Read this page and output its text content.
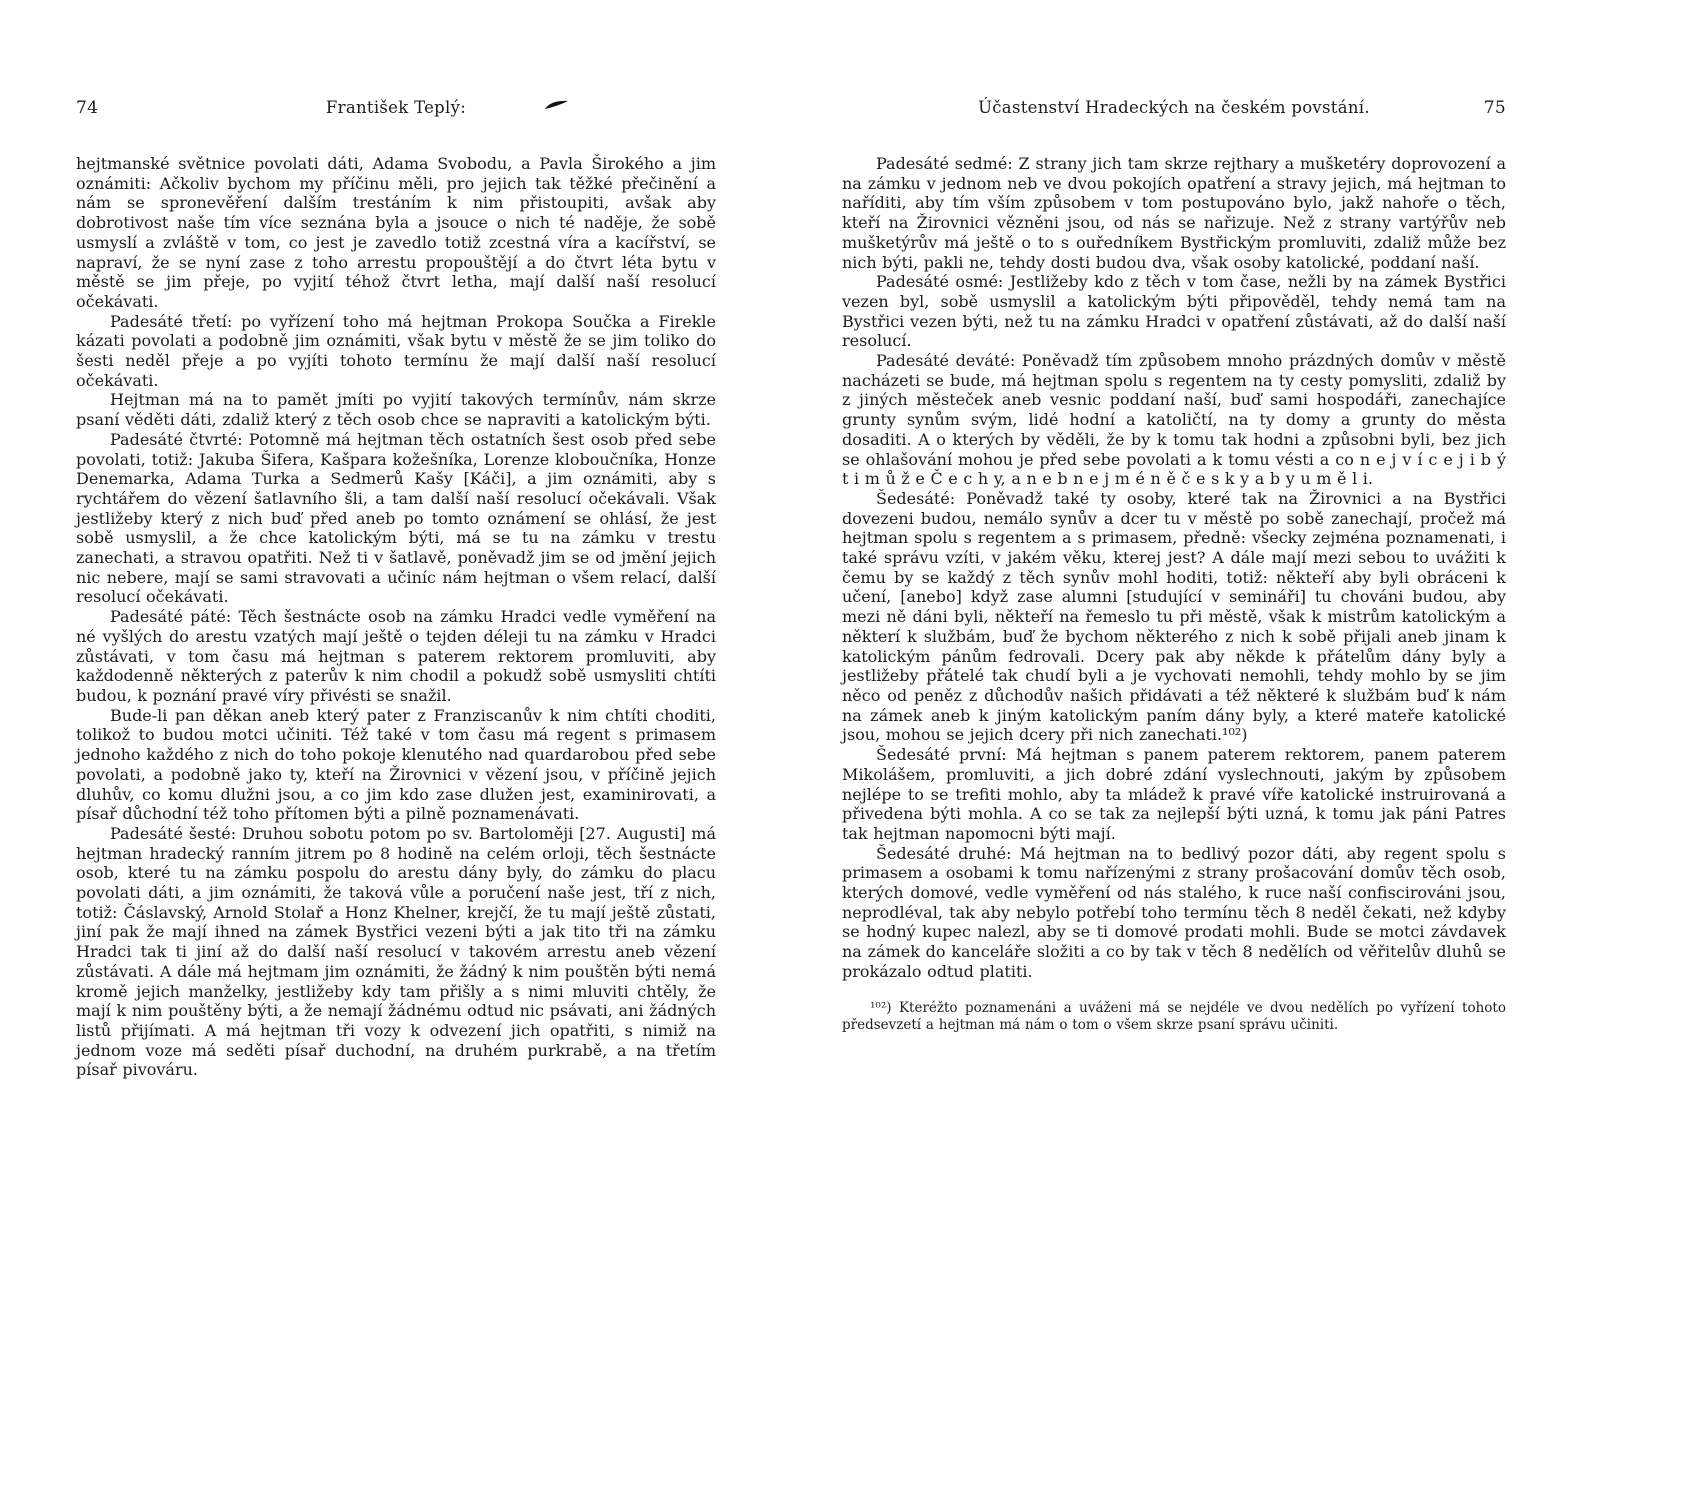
74	František Teplý:

hejtmanské světnice povolati dáti, Adama Svobodu, a Pavla Širokého a jim oznámiti: Ačkoliv bychom my příčinu měli, pro jejich tak těžké přečinění a nám se spronevěření dalším trestáním k nim přistoupiti, avšak aby dobrotivost naše tím více seznána byla a jsouce o nich té naděje, že sobě usmyslí a zvláště v tom, co jest je zavedlo totiž zcestná víra a kacířství, se napraví, že se nyní zase z toho arrestu propouštějí a do čtvrt léta bytu v městě se jim přeje, po vyjití téhož čtvrt letha, mají další naší resolucí očekávati.

Padesáté třetí: po vyřízení toho má hejtman Prokopa Součka a Firekle kázati povolati a podobně jim oznámiti, však bytu v městě že se jim toliko do šesti neděl přeje a po vyjíti tohoto termínu že mají další naší resolucí očekávati.

Hejtman má na to pamět jmíti po vyjití takových termínův, nám skrze psaní věděti dáti, zdaliž který z těch osob chce se napraviti a katolickým býti.

Padesáté čtvrté: Potomně má hejtman těch ostatních šest osob před sebe povolati, totiž: Jakuba Šifera, Kašpara kožešníka, Lorenze kloboučníka, Honze Denemarka, Adama Turka a Sedmerů Kašy [Káči], a jim oznámiti, aby s rychtářem do vězení šatlavního šli, a tam další naší resolucí očekávali. Však jestližeby který z nich buď před aneb po tomto oznámení se ohlásí, že jest sobě usmyslil, a že chce katolickým býti, má se tu na zámku v trestu zanechati, a stravou opatřiti. Než ti v šatlavě, poněvadž jim se od jmění jejich nic nebere, mají se sami stravovati a učiníc nám hejtman o všem relací, další resolucí očekávati.

Padesáté páté: Těch šestnácte osob na zámku Hradci vedle vyměření na né vyšlých do arestu vzatých mají ještě o tejden déleji tu na zámku v Hradci zůstávati, v tom času má hejtman s paterem rektorem promluviti, aby každodenně některých z paterův k nim chodil a pokudž sobě usmysliti chtíti budou, k poznání pravé víry přivésti se snažil.

Bude-li pan děkan aneb který pater z Franziscanův k nim chtíti choditi, tolikož to budou motci učiniti. Též také v tom času má regent s primasem jednoho každého z nich do toho pokoje klenutého nad quardarobou před sebe povolati, a podobně jako ty, kteří na Žirovnici v vězení jsou, v příčině jejich dluhův, co komu dlužni jsou, a co jim kdo zase dlužen jest, examinirovati, a písař důchodní též toho přítomen býti a pilně poznamenávati.

Padesáté šesté: Druhou sobotu potom po sv. Bartoloměji [27. Augusti] má hejtman hradecký ranním jitrem po 8 hodině na celém orloji, těch šestnácte osob, které tu na zámku pospolu do arestu dány byly, do zámku do placu povolati dáti, a jim oznámiti, že taková vůle a poručení naše jest, tří z nich, totiž: Čáslavský, Arnold Stolař a Honz Khelner, krejčí, že tu mají ještě zůstati, jiní pak že mají ihned na zámek Bystřici vezeni býti a jak tito tři na zámku Hradci tak ti jiní až do další naší resolucí v takovém arrestu aneb vězení zůstávati. A dále má hejtmam jim oznámiti, že žádný k nim pouštěn býti nemá kromě jejich manželky, jestližeby kdy tam přišly a s nimi mluviti chtěly, že mají k nim pouštěny býti, a že nemají žádnému odtud nic psávati, ani žádných listů přijímati. A má hejtman tři vozy k odvezení jich opatřiti, s nimiž na jednom voze má seděti písař duchodní, na druhém purkrabě, a na třetím písař pivováru.

Účastenství Hradeckých na českém povstání.	75

Padesáté sedmé: Z strany jich tam skrze rejthary a mušketéry doprovození a na zámku v jednom neb ve dvou pokojích opatření a stravy jejich, má hejtman to naříditi, aby tím vším způsobem v tom postupováno bylo, jakž nahoře o těch, kteří na Žirovnici vězněni jsou, od nás se nařizuje. Než z strany vartýřův neb mušketýrův má ještě o to s ouředníkem Bystřickým promluviti, zdaliž může bez nich býti, pakli ne, tehdy dosti budou dva, však osoby katolické, poddaní naší.

Padesáté osmé: Jestližeby kdo z těch v tom čase, nežli by na zámek Bystřici vezen byl, sobě usmyslil a katolickým býti připověděl, tehdy nemá tam na Bystřici vezen býti, než tu na zámku Hradci v opatření zůstávati, až do další naší resolucí.

Padesáté deváté: Poněvadž tím způsobem mnoho prázdných domův v městě nacházeti se bude, má hejtman spolu s regentem na ty cesty pomysliti, zdaliž by z jiných městeček aneb vesnic poddaní naší, buď sami hospodáři, zanechajíce grunty synům svým, lidé hodní a katoličtí, na ty domy a grunty do města dosaditi. A o kterých by věděli, že by k tomu tak hodni a způsobni byli, bez jich se ohlašování mohou je před sebe povolati a k tomu vésti a co n e j v í c e j i b ý t i m ů ž e Č e c h y, a n e b n e j m é n ě č e s k y a b y u m ě l i.

Šedesáté: Poněvadž také ty osoby, které tak na Žirovnici a na Bystřici dovezeni budou, nemálo synův a dcer tu v městě po sobě zanechají, pročež má hejtman spolu s regentem a s primasem, předně: všecky zejména poznamenati, i také správu vzíti, v jakém věku, kterej jest? A dále mají mezi sebou to uvážiti k čemu by se každý z těch synův mohl hoditi, totiž: někteří aby byli obráceni k učení, [anebo] když zase alumni [studující v semináři] tu chováni budou, aby mezi ně dáni byli, někteří na řemeslo tu při městě, však k mistrům katolickým a některí k službám, buď že bychom některého z nich k sobě přijali aneb jinam k katolickým pánům fedrovali. Dcery pak aby někde k přátelům dány byly a jestližeby přátelé tak chudí byli a je vychovati nemohli, tehdy mohlo by se jim něco od peněz z důchodův našich přidávati a též některé k službám buď k nám na zámek aneb k jiným katolickým paním dány byly, a které mateře katolické jsou, mohou se jejich dcery při nich zanechati.¹⁰²)

Šedesáté první: Má hejtman s panem paterem rektorem, panem paterem Mikolášem, promluviti, a jich dobré zdání vyslechnouti, jakým by způsobem nejlépe to se trefiti mohlo, aby ta mládež k pravé víře katolické instruirovaná a přivedena býti mohla. A co se tak za nejlepší býti uzná, k tomu jak páni Patres tak hejtman napomocni býti mají.

Šedesáté druhé: Má hejtman na to bedlivý pozor dáti, aby regent spolu s primasem a osobami k tomu nařízenými z strany prošacování domův těch osob, kterých domové, vedle vyměření od nás stalého, k ruce naší confiscirováni jsou, neprodléval, tak aby nebylo potřebí toho termínu těch 8 neděl čekati, než kdyby se hodný kupec nalezl, aby se ti domové prodati mohli. Bude se motci závdavek na zámek do kanceláře složiti a co by tak v těch 8 nedělích od věřitelův dluhů se prokázalo odtud platiti.

¹⁰²) Kteréžto poznamenáni a uváženi má se nejdéle ve dvou nedělích po vyřízení tohoto předsevzetí a hejtman má nám o tom o všem skrze psaní správu učiniti.
